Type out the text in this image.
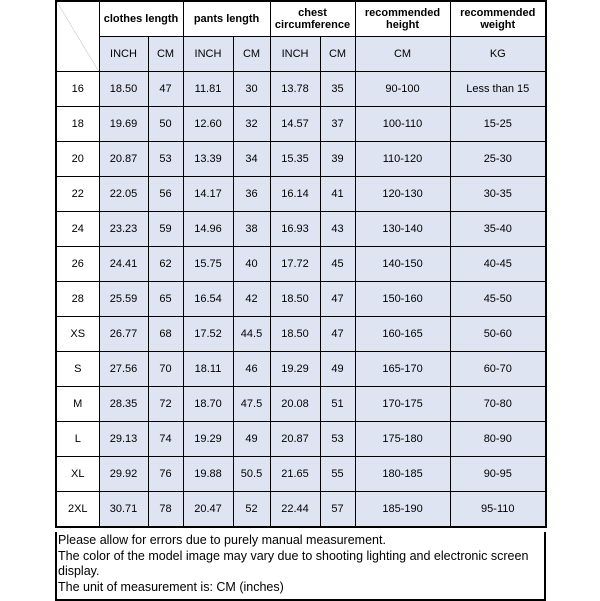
	clothes length		pants length		chest circumference		recommended height	recommended weight
	INCH	CM	INCH	CM	INCH	CM	CM	KG
16	18.50	47	11.81	30	13.78	35	90-100	Less than 15
18	19.69	50	12.60	32	14.57	37	100-110	15-25
20	20.87	53	13.39	34	15.35	39	110-120	25-30
22	22.05	56	14.17	36	16.14	41	120-130	30-35
24	23.23	59	14.96	38	16.93	43	130-140	35-40
26	24.41	62	15.75	40	17.72	45	140-150	40-45
28	25.59	65	16.54	42	18.50	47	150-160	45-50
XS	26.77	68	17.52	44.5	18.50	47	160-165	50-60
S	27.56	70	18.11	46	19.29	49	165-170	60-70
M	28.35	72	18.70	47.5	20.08	51	170-175	70-80
L	29.13	74	19.29	49	20.87	53	175-180	80-90
XL	29.92	76	19.88	50.5	21.65	55	180-185	90-95
2XL	30.71	78	20.47	52	22.44	57	185-190	95-110
Please allow for errors due to purely manual measurement.
The color of the model image may vary due to shooting lighting and electronic screen display.
The unit of measurement is: CM (inches)
